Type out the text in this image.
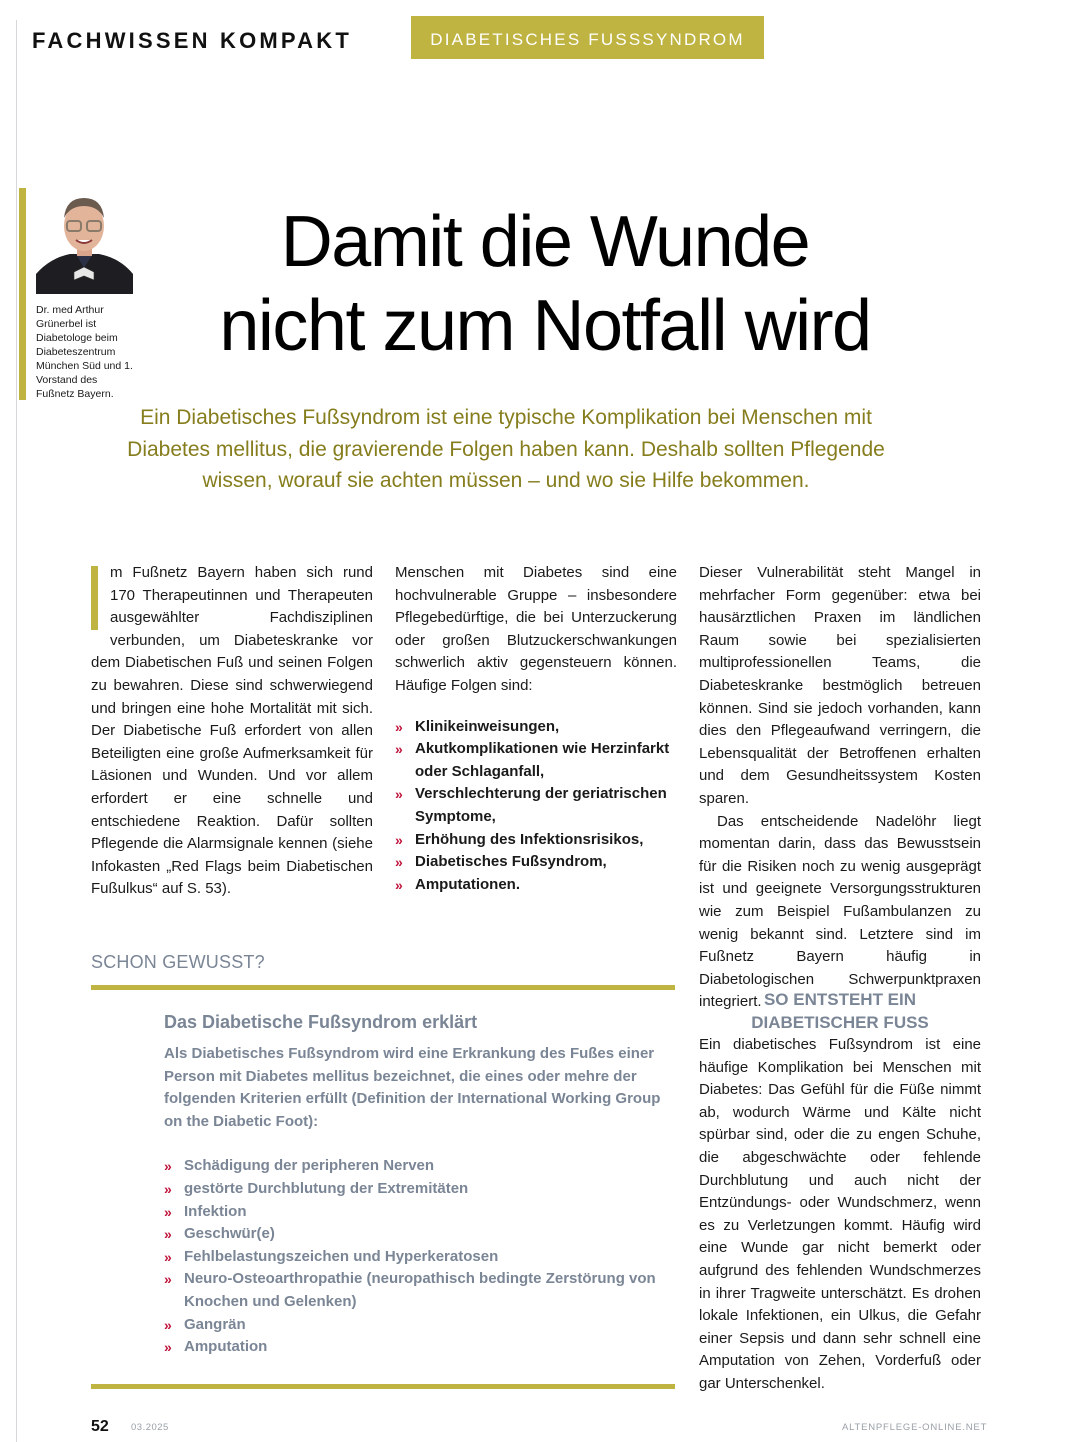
FACHWISSEN KOMPAKT	DIABETISCHES FUSSSYNDROM
Dr. med Arthur Grünerbel ist Diabetologe beim Diabeteszentrum München Süd und 1. Vorstand des Fußnetz Bayern.
Damit die Wunde
nicht zum Notfall wird
Ein Diabetisches Fußsyndrom ist eine typische Komplikation bei Menschen mit Diabetes mellitus, die gravierende Folgen haben kann. Deshalb sollten Pflegende wissen, worauf sie achten müssen – und wo sie Hilfe bekommen.

m Fußnetz Bayern haben sich rund 170 Therapeutinnen und Therapeuten ausgewählter Fachdisziplinen verbunden, um Diabeteskranke vor dem Diabetischen Fuß und seinen Folgen zu bewahren. Diese sind schwerwiegend und bringen eine hohe Mortalität mit sich. Der Diabetische Fuß erfordert von allen Beteiligten eine große Aufmerksamkeit für Läsionen und Wunden. Und vor allem erfordert er eine schnelle und entschiedene Reaktion. Dafür sollten Pflegende die Alarmsignale kennen (siehe Infokasten „Red Flags beim Diabetischen Fußulkus“ auf S. 53).

Menschen mit Diabetes sind eine hochvulnerable Gruppe – insbesondere Pflegebedürftige, die bei Unterzuckerung oder großen Blutzuckerschwankungen schwerlich aktiv gegensteuern können. Häufige Folgen sind:

» Klinikeinweisungen,
» Akutkomplikationen wie Herzinfarkt oder Schlaganfall,
» Verschlechterung der geriatrischen Symptome,
» Erhöhung des Infektionsrisikos,
» Diabetisches Fußsyndrom,
» Amputationen.

Dieser Vulnerabilität steht Mangel in mehrfacher Form gegenüber: etwa bei hausärztlichen Praxen im ländlichen Raum sowie bei spezialisierten multiprofessionellen Teams, die Diabeteskranke bestmöglich betreuen können. Sind sie jedoch vorhanden, kann dies den Pflegeaufwand verringern, die Lebensqualität der Betroffenen erhalten und dem Gesundheitssystem Kosten sparen.

Das entscheidende Nadelöhr liegt momentan darin, dass das Bewusstsein für die Risiken noch zu wenig ausgeprägt ist und geeignete Versorgungsstrukturen wie zum Beispiel Fußambulanzen zu wenig bekannt sind. Letztere sind im Fußnetz Bayern häufig in Diabetologischen Schwerpunktpraxen integriert.

SCHON GEWUSST?
Das Diabetische Fußsyndrom erklärt

Als Diabetisches Fußsyndrom wird eine Erkrankung des Fußes einer Person mit Diabetes mellitus bezeichnet, die eines oder mehre der folgenden Kriterien erfüllt (Definition der International Working Group on the Diabetic Foot):

» Schädigung der peripheren Nerven
» gestörte Durchblutung der Extremitäten
» Infektion
» Geschwür(e)
» Fehlbelastungszeichen und Hyperkeratosen
» Neuro-Osteoarthropathie (neuropathisch bedingte Zerstörung von Knochen und Gelenken)
» Gangrän
» Amputation
SO ENTSTEHT EIN
DIABETISCHER FUSS

Ein diabetisches Fußsyndrom ist eine häufige Komplikation bei Menschen mit Diabetes: Das Gefühl für die Füße nimmt ab, wodurch Wärme und Kälte nicht spürbar sind, oder die zu engen Schuhe, die abgeschwächte oder fehlende Durchblutung und auch nicht der Entzündungs- oder Wundschmerz, wenn es zu Verletzungen kommt. Häufig wird eine Wunde gar nicht bemerkt oder aufgrund des fehlenden Wundschmerzes in ihrer Tragweite unterschätzt. Es drohen lokale Infektionen, ein Ulkus, die Gefahr einer Sepsis und dann sehr schnell eine Amputation von Zehen, Vorderfuß oder gar Unterschenkel.

52 03.2025	ALTENPFLEGE-ONLINE.NET
